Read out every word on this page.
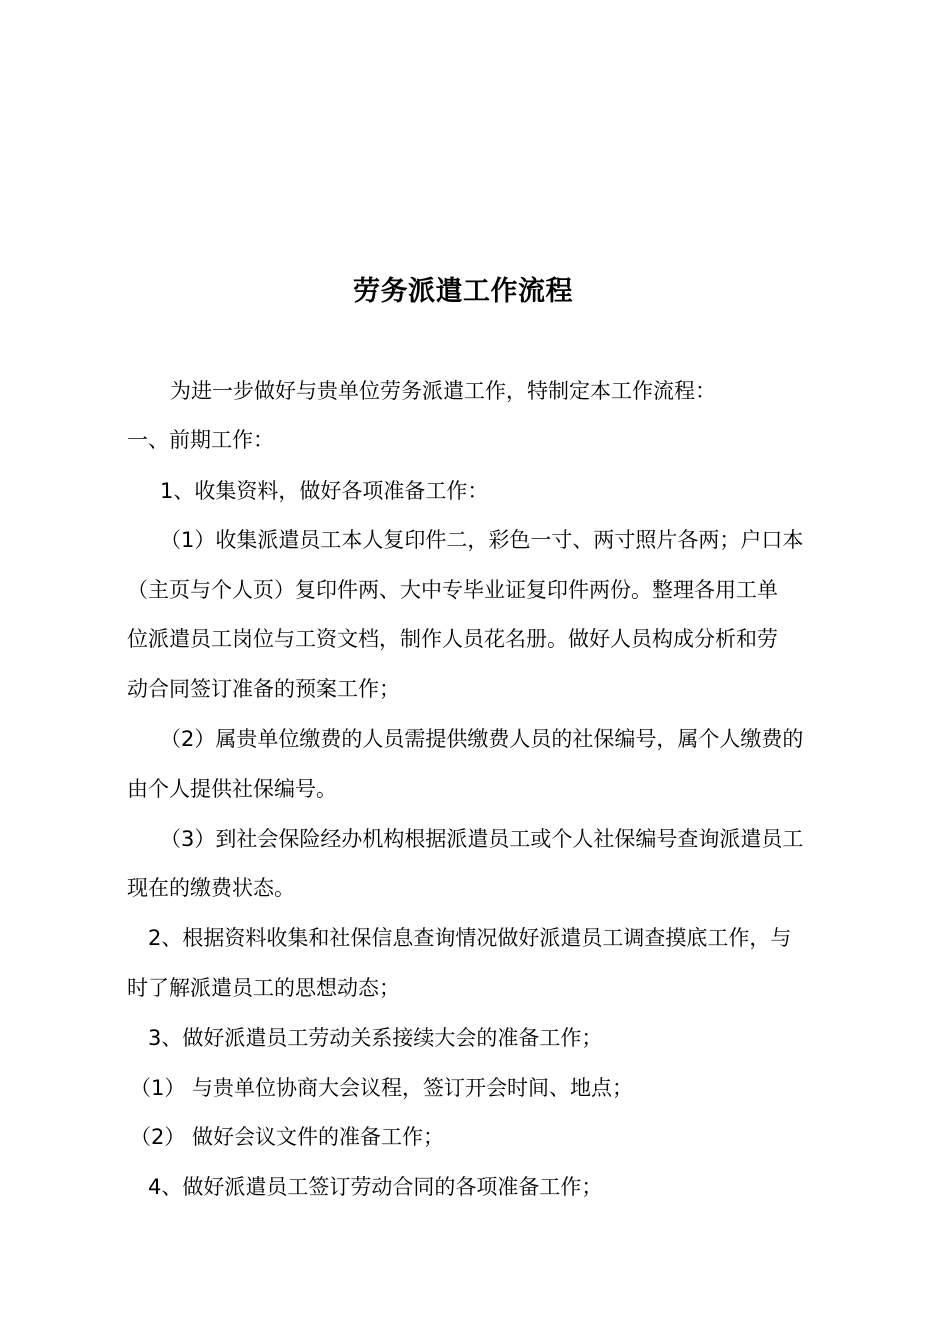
劳务派遣工作流程
为进一步做好与贵单位劳务派遣工作，特制定本工作流程：
一、前期工作：
1、收集资料，做好各项准备工作：
（1）收集派遣员工本人复印件二，彩色一寸、两寸照片各两；户口本
（主页与个人页）复印件两、大中专毕业证复印件两份。整理各用工单
位派遣员工岗位与工资文档，制作人员花名册。做好人员构成分析和劳
动合同签订准备的预案工作；
（2）属贵单位缴费的人员需提供缴费人员的社保编号，属个人缴费的
由个人提供社保编号。
（3）到社会保险经办机构根据派遣员工或个人社保编号查询派遣员工
现在的缴费状态。
2、根据资料收集和社保信息查询情况做好派遣员工调查摸底工作，与
时了解派遣员工的思想动态；
3、做好派遣员工劳动关系接续大会的准备工作；
（1） 与贵单位协商大会议程，签订开会时间、地点；
（2） 做好会议文件的准备工作；
4、做好派遣员工签订劳动合同的各项准备工作；
